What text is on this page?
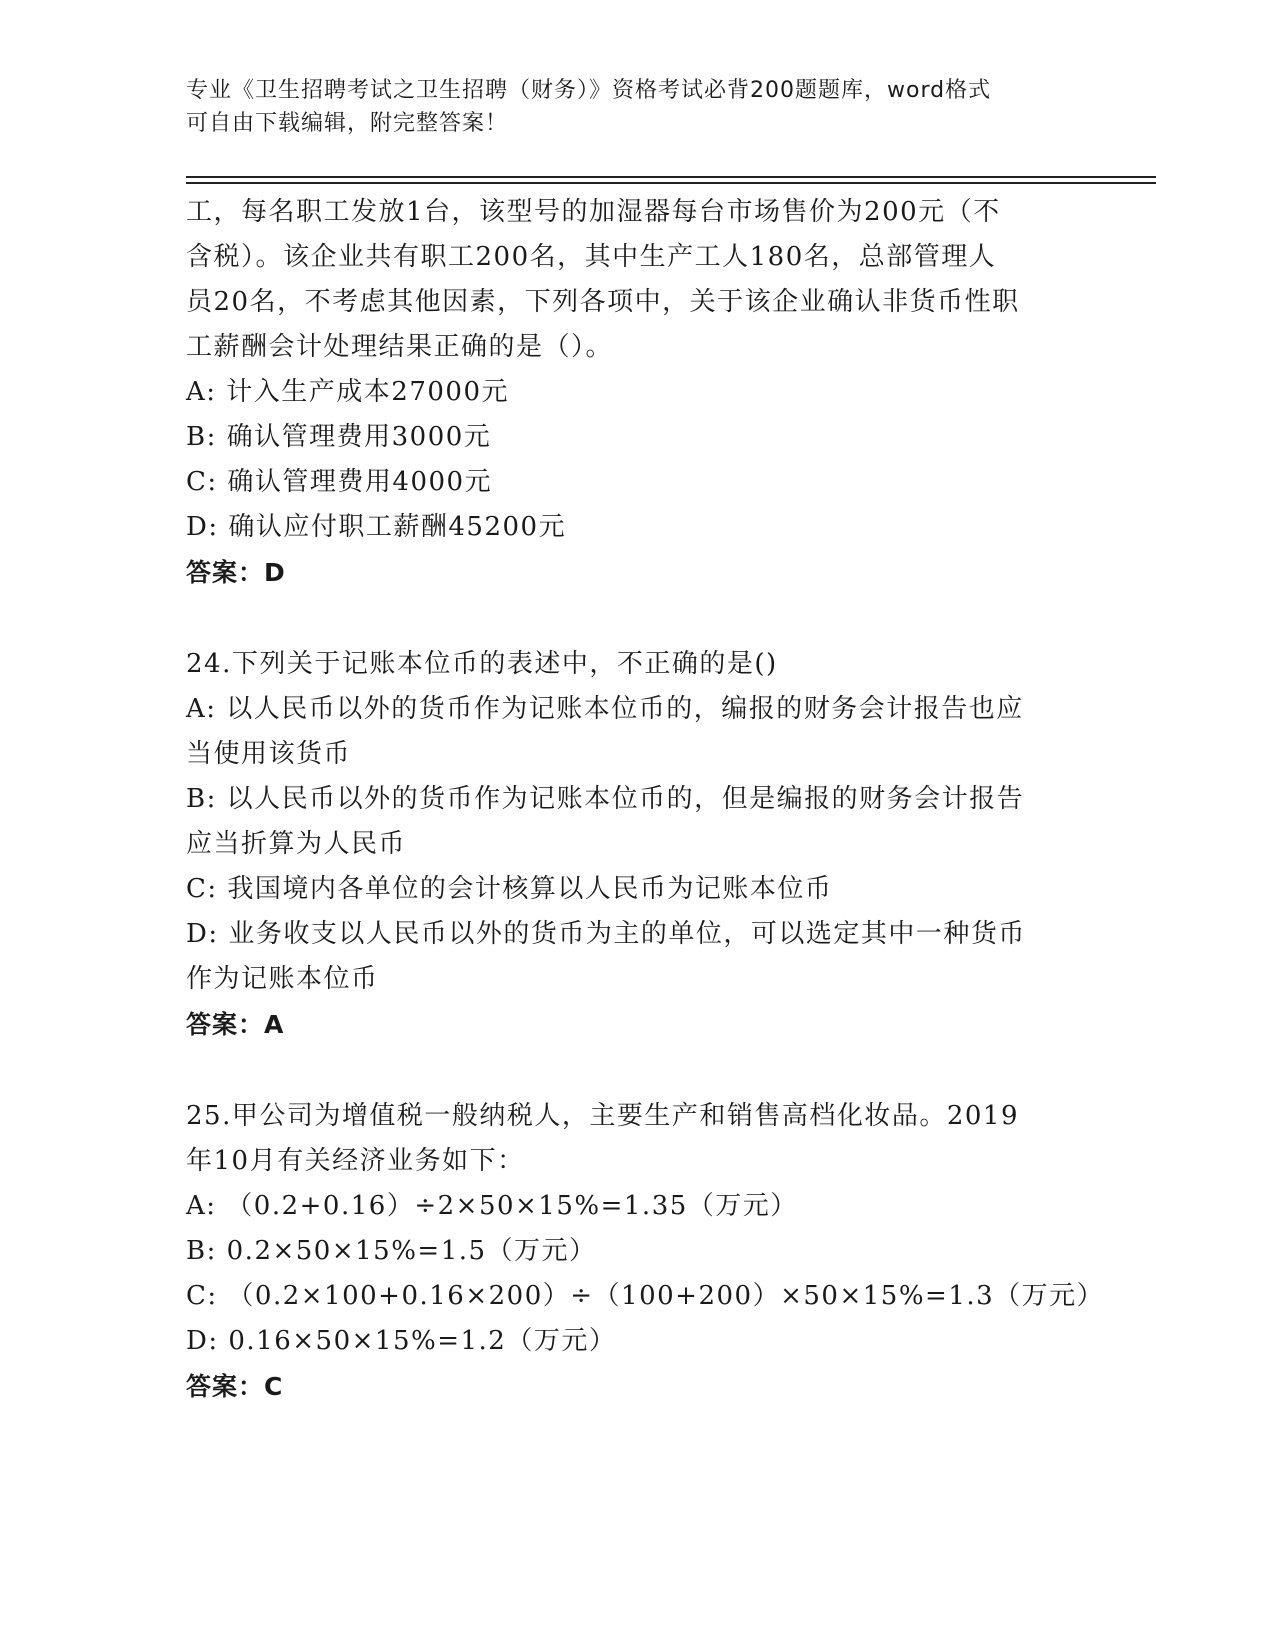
专业《卫生招聘考试之卫生招聘（财务）》资格考试必背200题题库，word格式
可自由下载编辑，附完整答案！
工，每名职工发放1台，该型号的加湿器每台市场售价为200元（不
含税）。该企业共有职工200名，其中生产工人180名，总部管理人
员20名，不考虑其他因素，下列各项中，关于该企业确认非货币性职
工薪酬会计处理结果正确的是（）。
A: 计入生产成本27000元
B: 确认管理费用3000元
C: 确认管理费用4000元
D: 确认应付职工薪酬45200元
答案：D
24.下列关于记账本位币的表述中，不正确的是()
A: 以人民币以外的货币作为记账本位币的，编报的财务会计报告也应
当使用该货币
B: 以人民币以外的货币作为记账本位币的，但是编报的财务会计报告
应当折算为人民币
C: 我国境内各单位的会计核算以人民币为记账本位币
D: 业务收支以人民币以外的货币为主的单位，可以选定其中一种货币
作为记账本位币
答案：A
25.甲公司为增值税一般纳税人，主要生产和销售高档化妆品。2019
年10月有关经济业务如下：
A: （0.2+0.16）÷2×50×15%=1.35（万元）
B: 0.2×50×15%=1.5（万元）
C: （0.2×100+0.16×200）÷（100+200）×50×15%=1.3（万元）
D: 0.16×50×15%=1.2（万元）
答案：C
